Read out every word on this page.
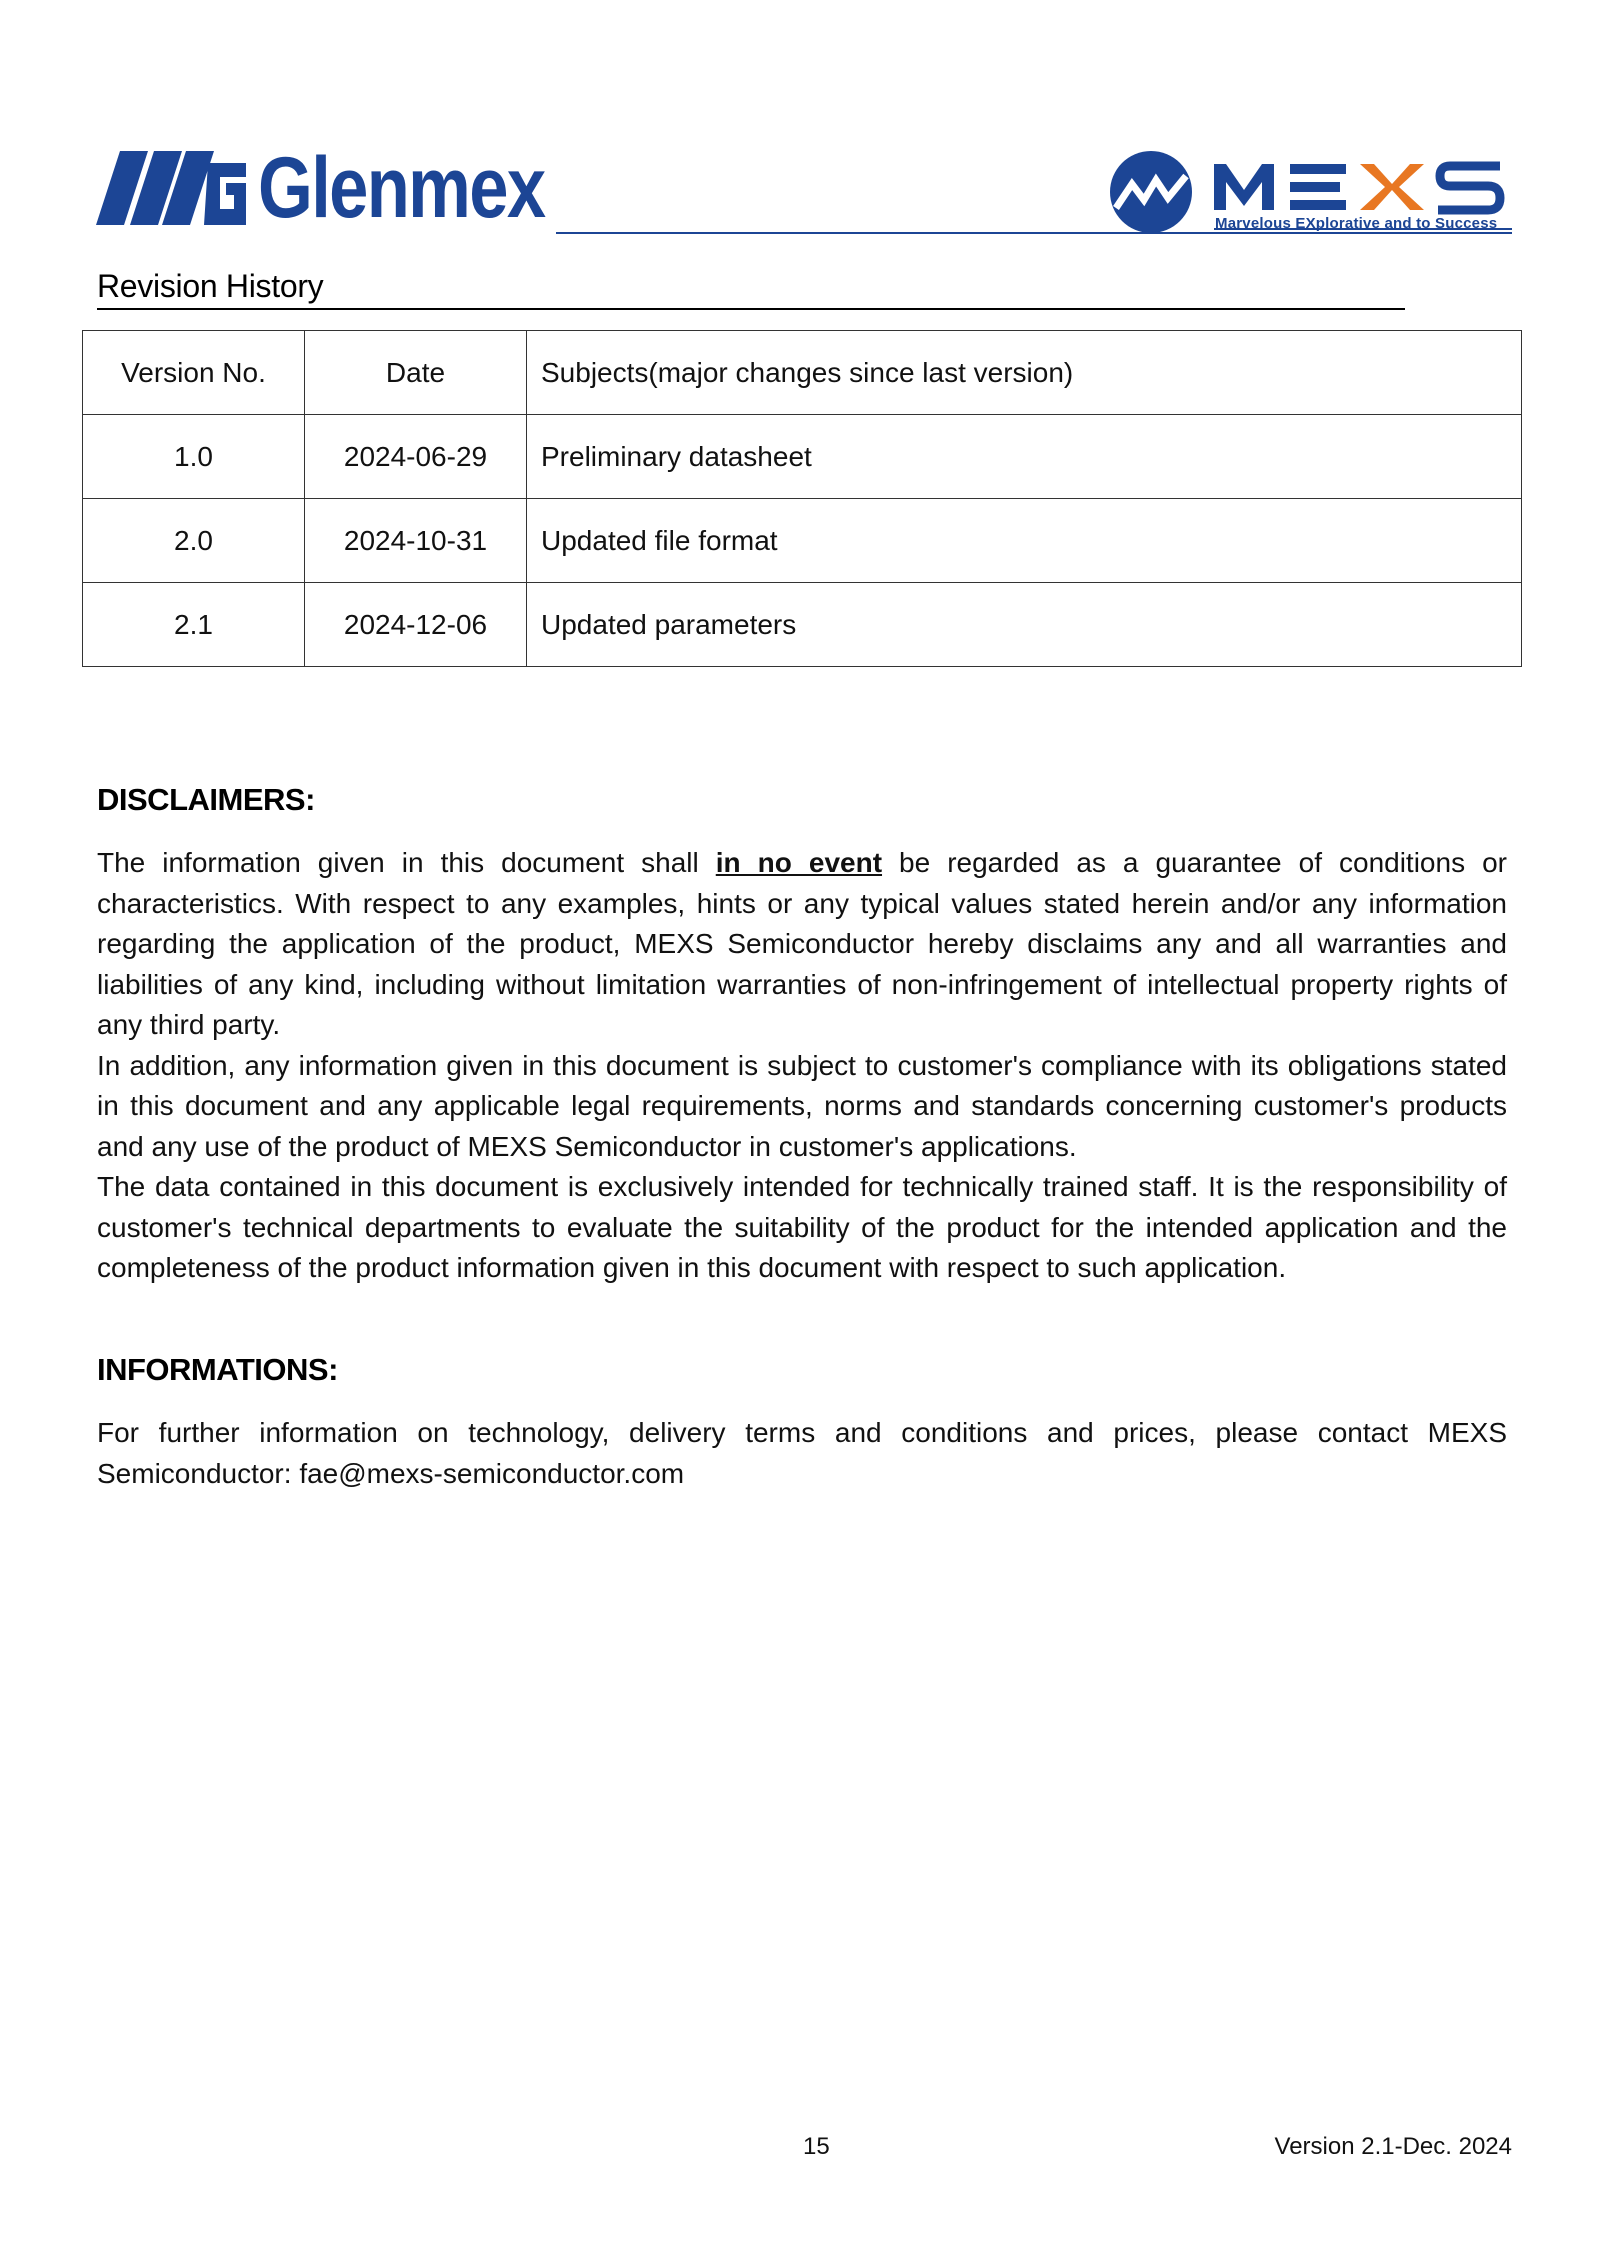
Glenmex	Marvelous EXplorative and to Success
Revision History
Version No.	Date	Subjects(major changes since last version)
1.0	2024-06-29	Preliminary datasheet
2.0	2024-10-31	Updated file format
2.1	2024-12-06	Updated parameters
DISCLAIMERS:

The information given in this document shall in no event be regarded as a guarantee of conditions or characteristics. With respect to any examples, hints or any typical values stated herein and/or any information regarding the application of the product, MEXS Semiconductor hereby disclaims any and all warranties and liabilities of any kind, including without limitation warranties of non-infringement of intellectual property rights of any third party.

In addition, any information given in this document is subject to customer's compliance with its obligations stated in this document and any applicable legal requirements, norms and standards concerning customer's products and any use of the product of MEXS Semiconductor in customer's applications.

The data contained in this document is exclusively intended for technically trained staff. It is the responsibility of customer's technical departments to evaluate the suitability of the product for the intended application and the completeness of the product information given in this document with respect to such application.

INFORMATIONS:

For further information on technology, delivery terms and conditions and prices, please contact MEXS Semiconductor: fae@mexs-semiconductor.com

15	Version 2.1-Dec. 2024
